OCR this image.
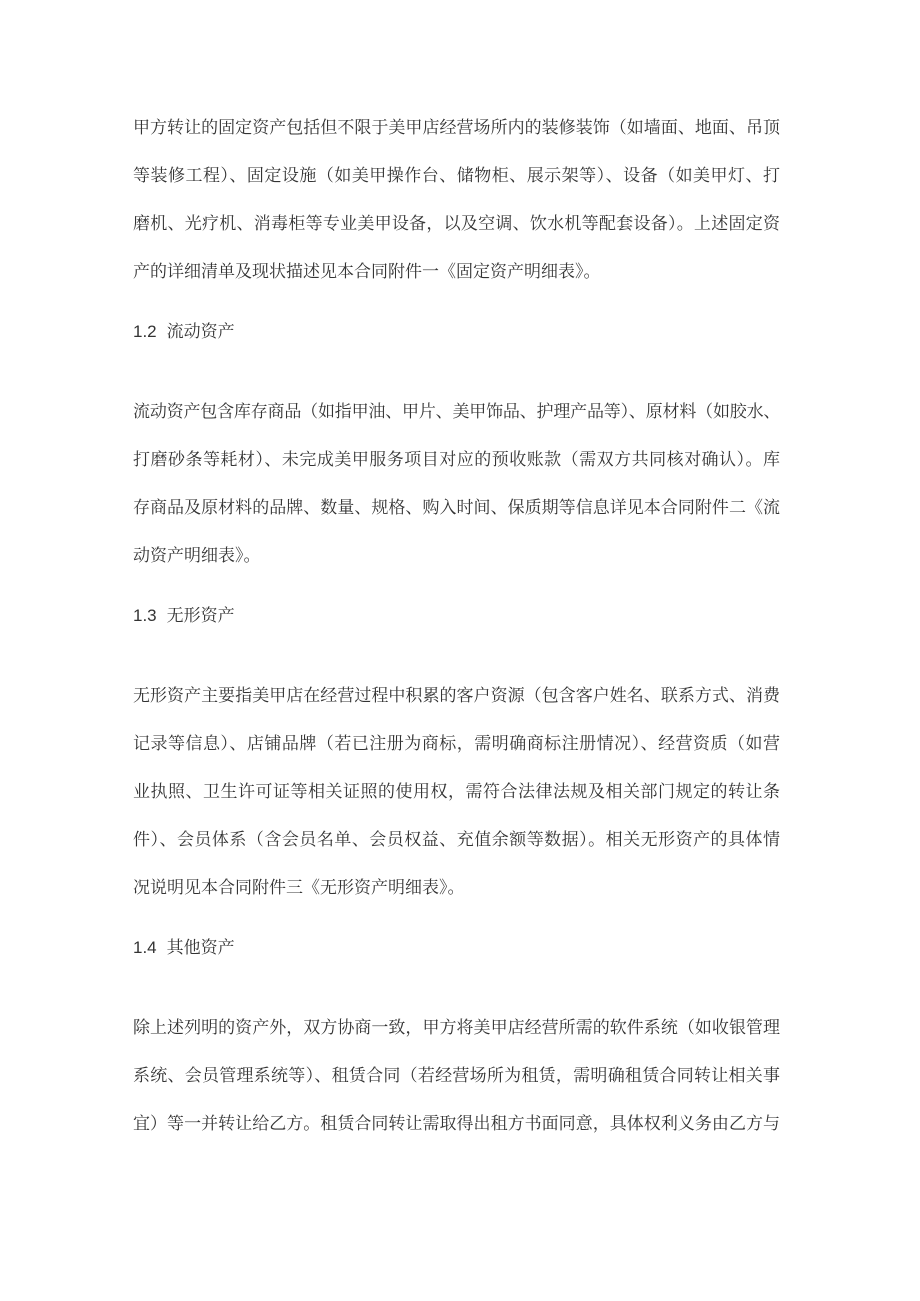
甲方转让的固定资产包括但不限于美甲店经营场所内的装修装饰（如墙面、地面、吊顶
等装修工程）、固定设施（如美甲操作台、储物柜、展示架等）、设备（如美甲灯、打
磨机、光疗机、消毒柜等专业美甲设备，以及空调、饮水机等配套设备）。上述固定资
产的详细清单及现状描述见本合同附件一《固定资产明细表》。

1.2 流动资产

流动资产包含库存商品（如指甲油、甲片、美甲饰品、护理产品等）、原材料（如胶水、
打磨砂条等耗材）、未完成美甲服务项目对应的预收账款（需双方共同核对确认）。库
存商品及原材料的品牌、数量、规格、购入时间、保质期等信息详见本合同附件二《流
动资产明细表》。

1.3 无形资产

无形资产主要指美甲店在经营过程中积累的客户资源（包含客户姓名、联系方式、消费
记录等信息）、店铺品牌（若已注册为商标，需明确商标注册情况）、经营资质（如营
业执照、卫生许可证等相关证照的使用权，需符合法律法规及相关部门规定的转让条
件）、会员体系（含会员名单、会员权益、充值余额等数据）。相关无形资产的具体情
况说明见本合同附件三《无形资产明细表》。

1.4 其他资产

除上述列明的资产外，双方协商一致，甲方将美甲店经营所需的软件系统（如收银管理
系统、会员管理系统等）、租赁合同（若经营场所为租赁，需明确租赁合同转让相关事
宜）等一并转让给乙方。租赁合同转让需取得出租方书面同意，具体权利义务由乙方与
